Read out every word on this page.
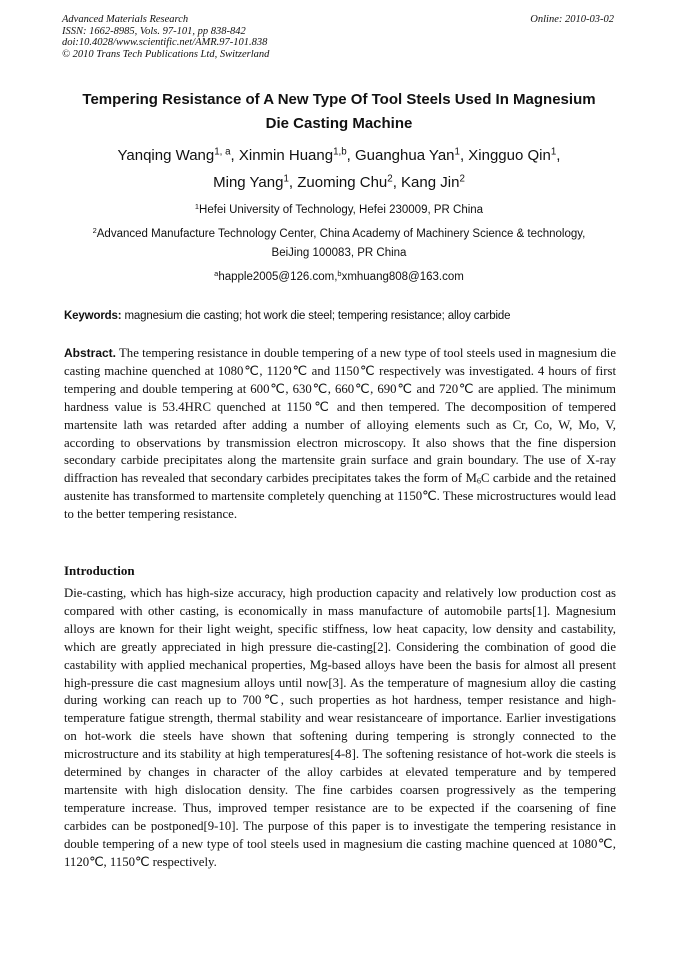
Advanced Materials Research
ISSN: 1662-8985, Vols. 97-101, pp 838-842
doi:10.4028/www.scientific.net/AMR.97-101.838
© 2010 Trans Tech Publications Ltd, Switzerland
Online: 2010-03-02
Tempering Resistance of A New Type Of Tool Steels Used In Magnesium
Die Casting Machine
Yanqing Wang$^{1, a}$, Xinmin Huang$^{1,b}$, Guanghua Yan$^1$, Xingguo Qin$^1$,
Ming Yang$^1$, Zuoming Chu$^2$, Kang Jin$^2$
$^1$Hefei University of Technology, Hefei 230009, PR China
$^2$Advanced Manufacture Technology Center, China Academy of Machinery Science & technology,
BeiJing 100083, PR China
$^a$happle2005@126.com,$^b$xmhuang808@163.com
Keywords: magnesium die casting; hot work die steel; tempering resistance; alloy carbide
Abstract. The tempering resistance in double tempering of a new type of tool steels used in magnesium die casting machine quenched at 1080℃, 1120℃ and 1150℃ respectively was investigated. 4 hours of first tempering and double tempering at 600℃, 630℃, 660℃, 690℃ and 720℃ are applied. The minimum hardness value is 53.4HRC quenched at 1150℃ and then tempered. The decomposition of tempered martensite lath was retarded after adding a number of alloying elements such as Cr, Co, W, Mo, V, according to observations by transmission electron microscopy. It also shows that the fine dispersion secondary carbide precipitates along the martensite grain surface and grain boundary. The use of X-ray diffraction has revealed that secondary carbides precipitates takes the form of $M_6C$ carbide and the retained austenite has transformed to martensite completely quenching at 1150℃. These microstructures would lead to the better tempering resistance.
Introduction
Die-casting, which has high-size accuracy, high production capacity and relatively low production cost as compared with other casting, is economically in mass manufacture of automobile parts[1]. Magnesium alloys are known for their light weight, specific stiffness, low heat capacity, low density and castability, which are greatly appreciated in high pressure die-casting[2]. Considering the combination of good die castability with applied mechanical properties, Mg-based alloys have been the basis for almost all present high-pressure die cast magnesium alloys until now[3]. As the temperature of magnesium alloy die casting during working can reach up to 700℃, such properties as hot hardness, temper resistance and high-temperature fatigue strength, thermal stability and wear resistanceare of importance. Earlier investigations on hot-work die steels have shown that softening during tempering is strongly connected to the microstructure and its stability at high temperatures[4-8]. The softening resistance of hot-work die steels is determined by changes in character of the alloy carbides at elevated temperature and by tempered martensite with high dislocation density. The fine carbides coarsen progressively as the tempering temperature increase. Thus, improved temper resistance are to be expected if the coarsening of fine carbides can be postponed[9-10]. The purpose of this paper is to investigate the tempering resistance in double tempering of a new type of tool steels used in magnesium die casting machine quenced at 1080℃, 1120℃, 1150℃ respectively.
